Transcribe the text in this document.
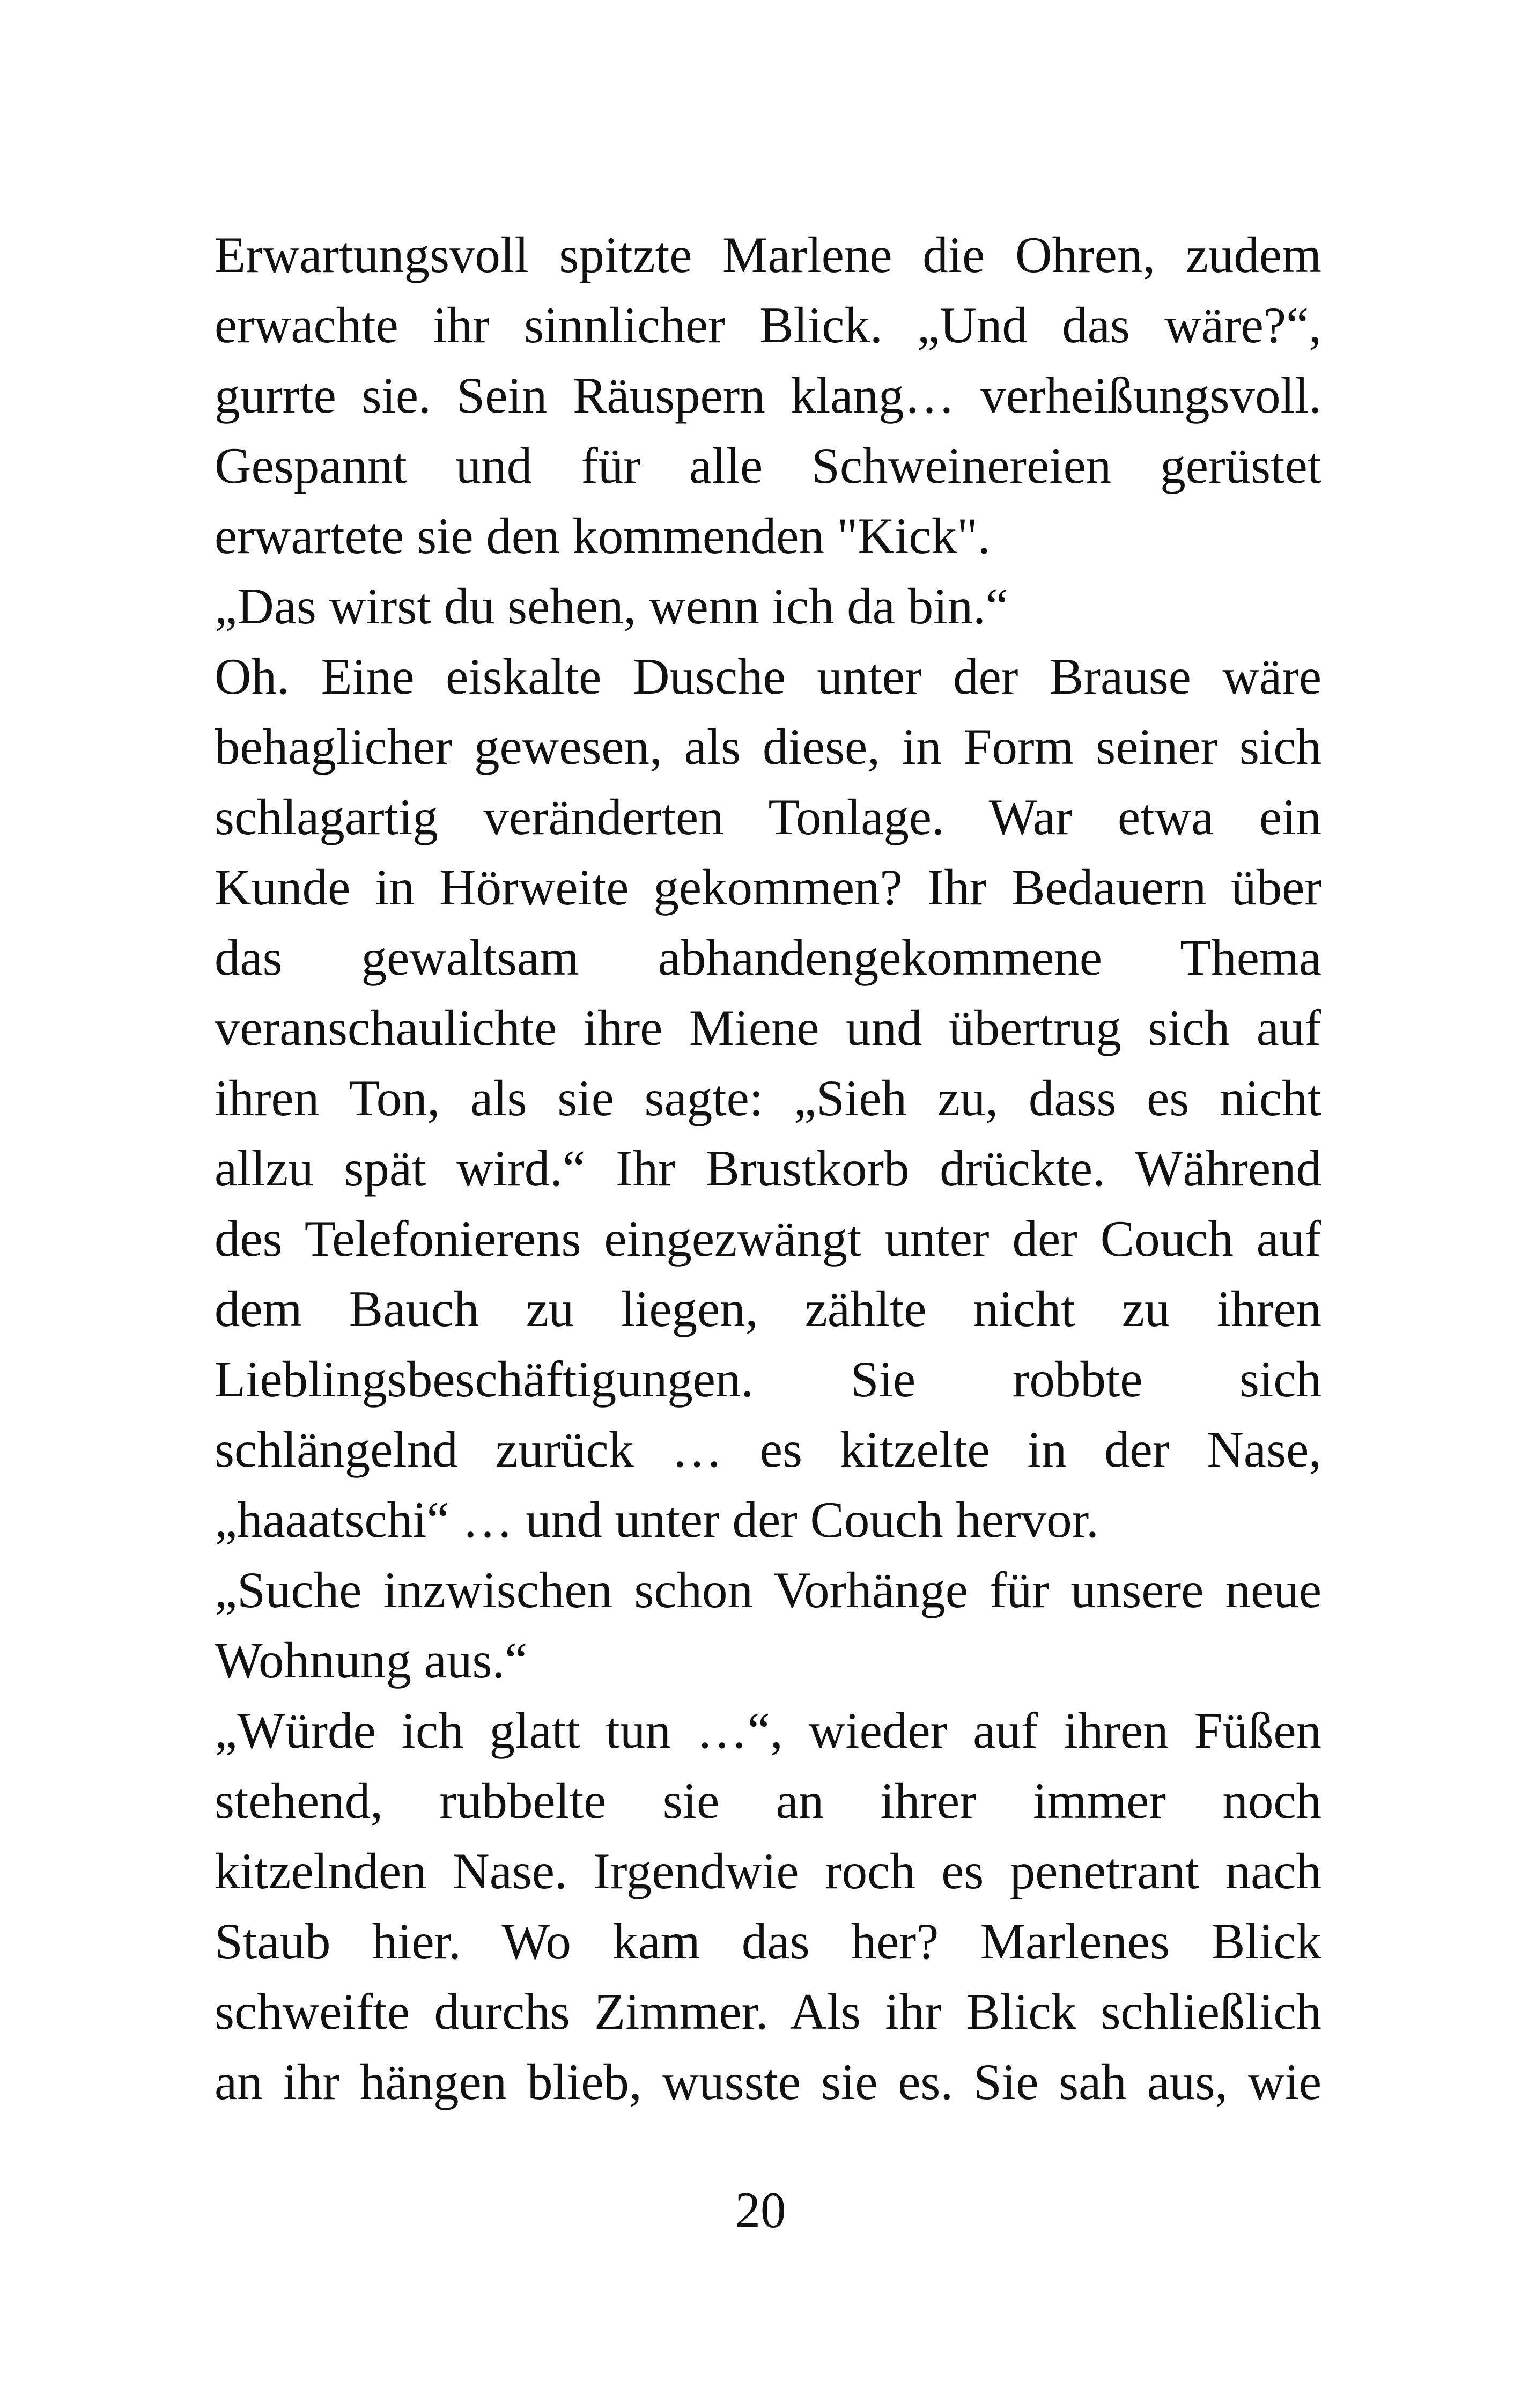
Erwartungsvoll spitzte Marlene die Ohren, zudem
erwachte ihr sinnlicher Blick. „Und das wäre?“,
gurrte sie. Sein Räuspern klang… verheißungsvoll.
Gespannt und für alle Schweinereien gerüstet
erwartete sie den kommenden "Kick".
„Das wirst du sehen, wenn ich da bin.“
Oh. Eine eiskalte Dusche unter der Brause wäre
behaglicher gewesen, als diese, in Form seiner sich
schlagartig veränderten Tonlage. War etwa ein
Kunde in Hörweite gekommen? Ihr Bedauern über
das gewaltsam abhandengekommene Thema
veranschaulichte ihre Miene und übertrug sich auf
ihren Ton, als sie sagte: „Sieh zu, dass es nicht
allzu spät wird.“ Ihr Brustkorb drückte. Während
des Telefonierens eingezwängt unter der Couch auf
dem Bauch zu liegen, zählte nicht zu ihren
Lieblingsbeschäftigungen. Sie robbte sich
schlängelnd zurück … es kitzelte in der Nase,
„haaatschi“ … und unter der Couch hervor.
„Suche inzwischen schon Vorhänge für unsere neue
Wohnung aus.“
„Würde ich glatt tun …“, wieder auf ihren Füßen
stehend, rubbelte sie an ihrer immer noch
kitzelnden Nase. Irgendwie roch es penetrant nach
Staub hier. Wo kam das her? Marlenes Blick
schweifte durchs Zimmer. Als ihr Blick schließlich
an ihr hängen blieb, wusste sie es. Sie sah aus, wie
20
